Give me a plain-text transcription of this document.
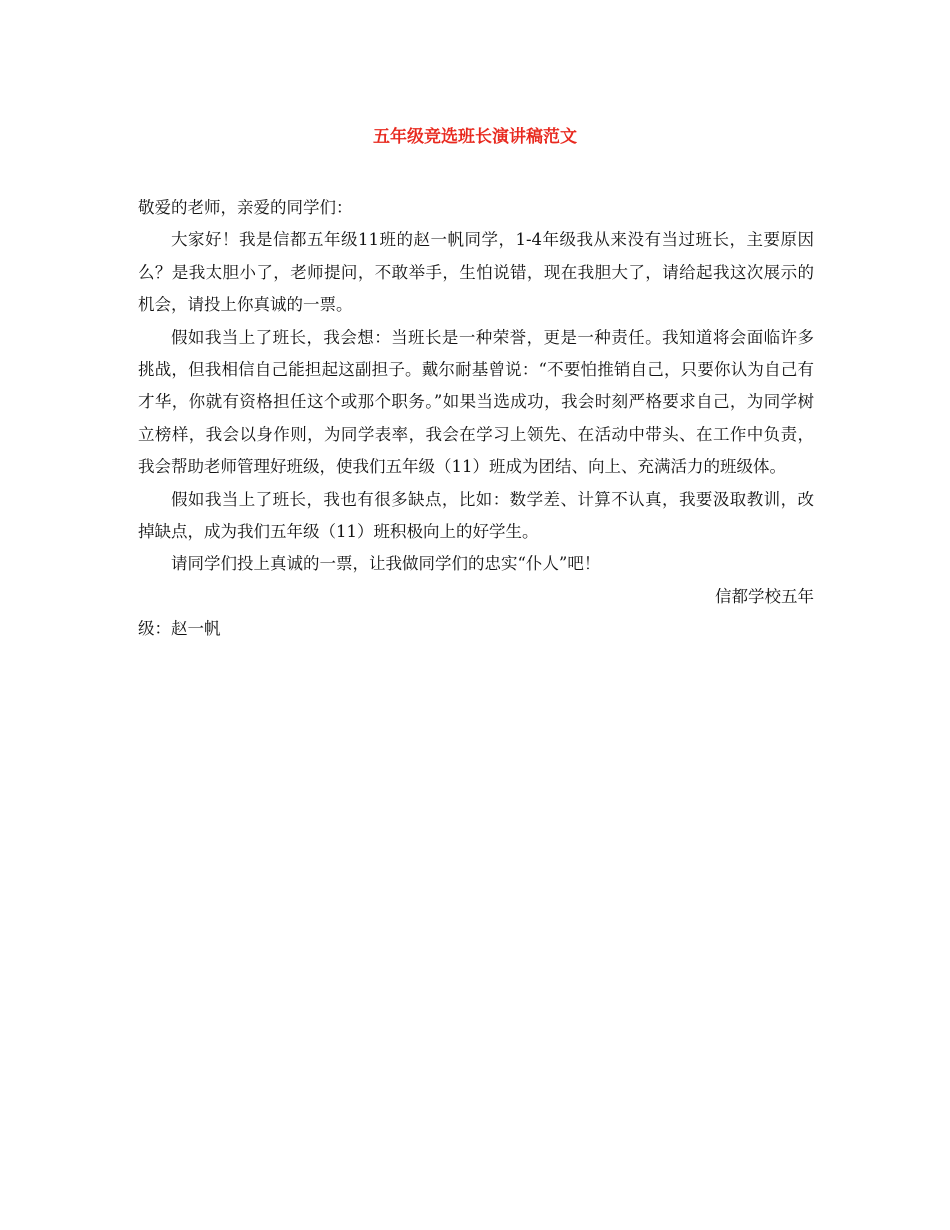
五年级竞选班长演讲稿范文

敬爱的老师，亲爱的同学们：

大家好！我是信都五年级11班的赵一帆同学，1-4年级我从来没有当过班长，主要原因么？是我太胆小了，老师提问，不敢举手，生怕说错，现在我胆大了，请给起我这次展示的机会，请投上你真诚的一票。

假如我当上了班长，我会想：当班长是一种荣誉，更是一种责任。我知道将会面临许多挑战，但我相信自己能担起这副担子。戴尔耐基曾说：“不要怕推销自己，只要你认为自己有才华，你就有资格担任这个或那个职务。”如果当选成功，我会时刻严格要求自己，为同学树立榜样，我会以身作则，为同学表率，我会在学习上领先、在活动中带头、在工作中负责，我会帮助老师管理好班级，使我们五年级（11）班成为团结、向上、充满活力的班级体。

假如我当上了班长，我也有很多缺点，比如：数学差、计算不认真，我要汲取教训，改掉缺点，成为我们五年级（11）班积极向上的好学生。

请同学们投上真诚的一票，让我做同学们的忠实“仆人”吧！

信都学校五年

级：赵一帆
